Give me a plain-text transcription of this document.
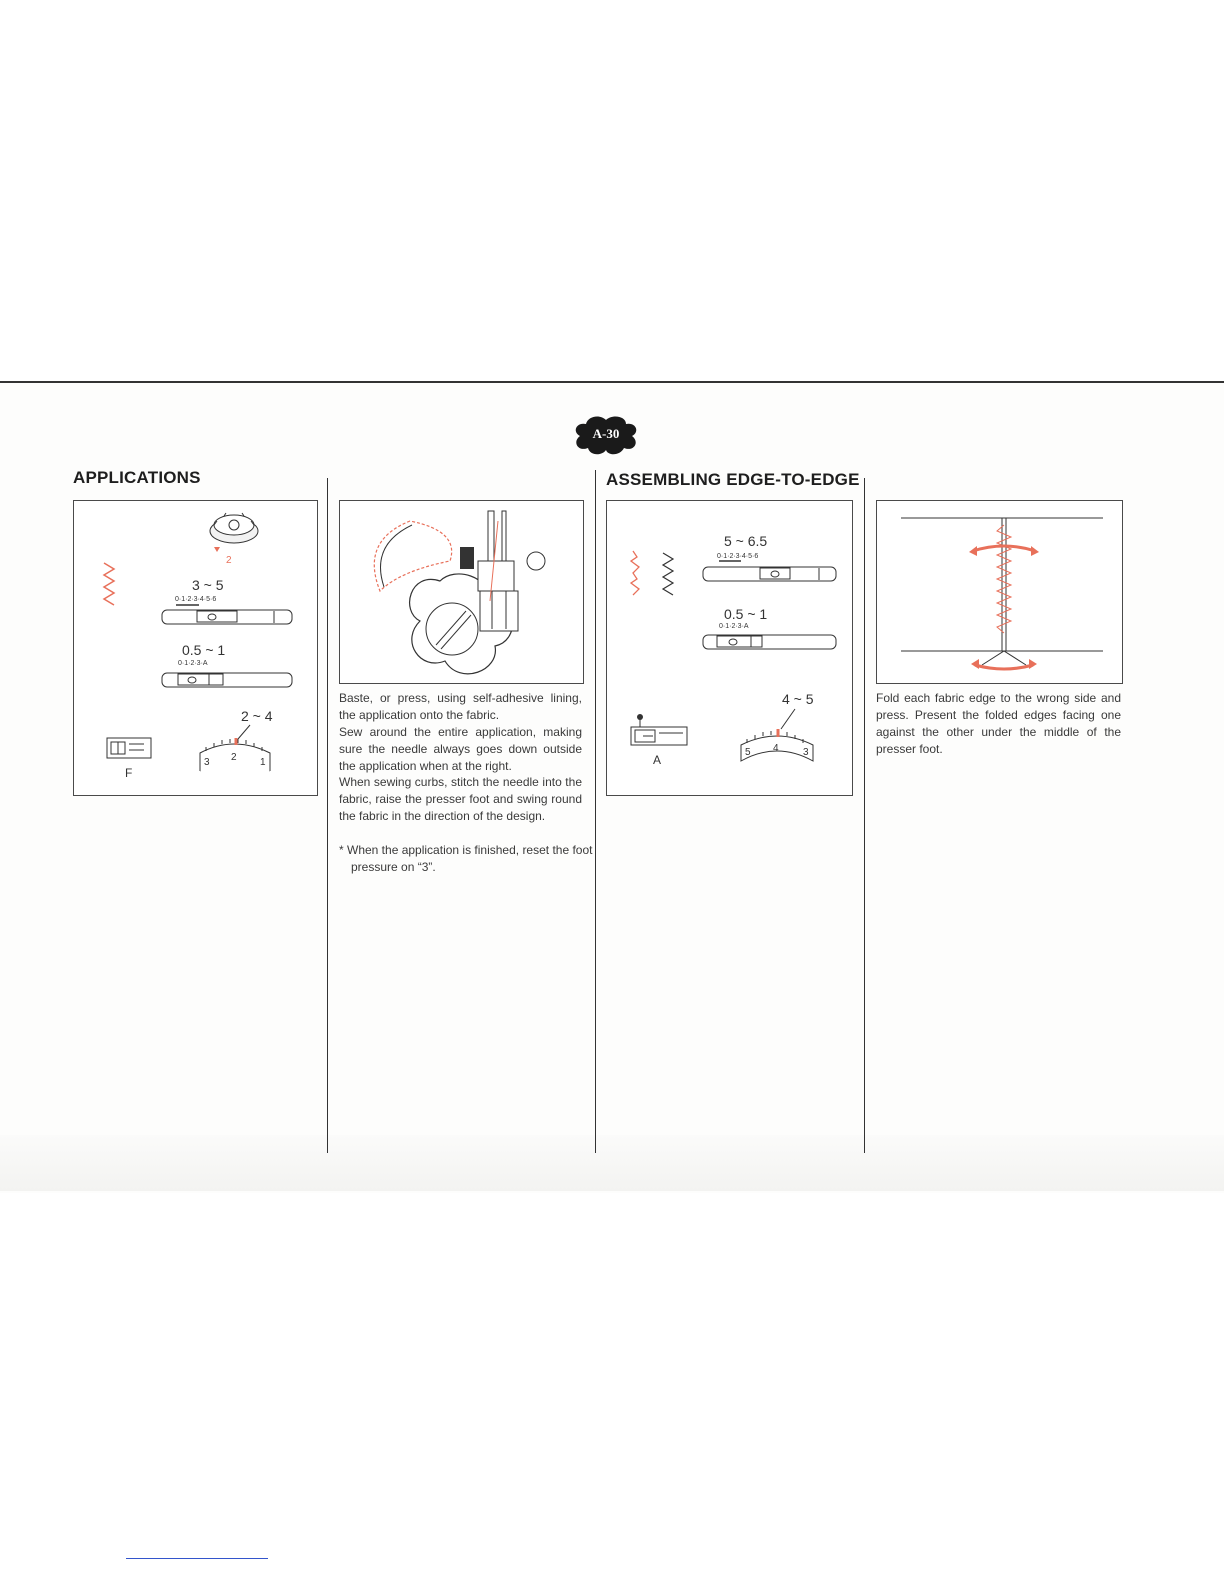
A-30
APPLICATIONS	ASSEMBLING EDGE-TO-EDGE
2
3 ~ 5
0·1·2·3·4·5·6
0.5 ~ 1
0·1·2·3·A
2 ~ 4
3 2 1
F

Baste, or press, using self-adhesive lining, the application onto the fabric.

Sew around the entire application, making sure the needle always goes down outside the application when at the right.

When sewing curbs, stitch the needle into the fabric, raise the presser foot and swing round the fabric in the direction of the design.

* When the application is finished, reset the foot pressure on “3”.

5 ~ 6.5
0·1·2·3·4·5·6
0.5 ~ 1
0·1·2·3·A
4 ~ 5
5 4 3
A

Fold each fabric edge to the wrong side and press. Present the folded edges facing one against the other under the middle of the presser foot.
